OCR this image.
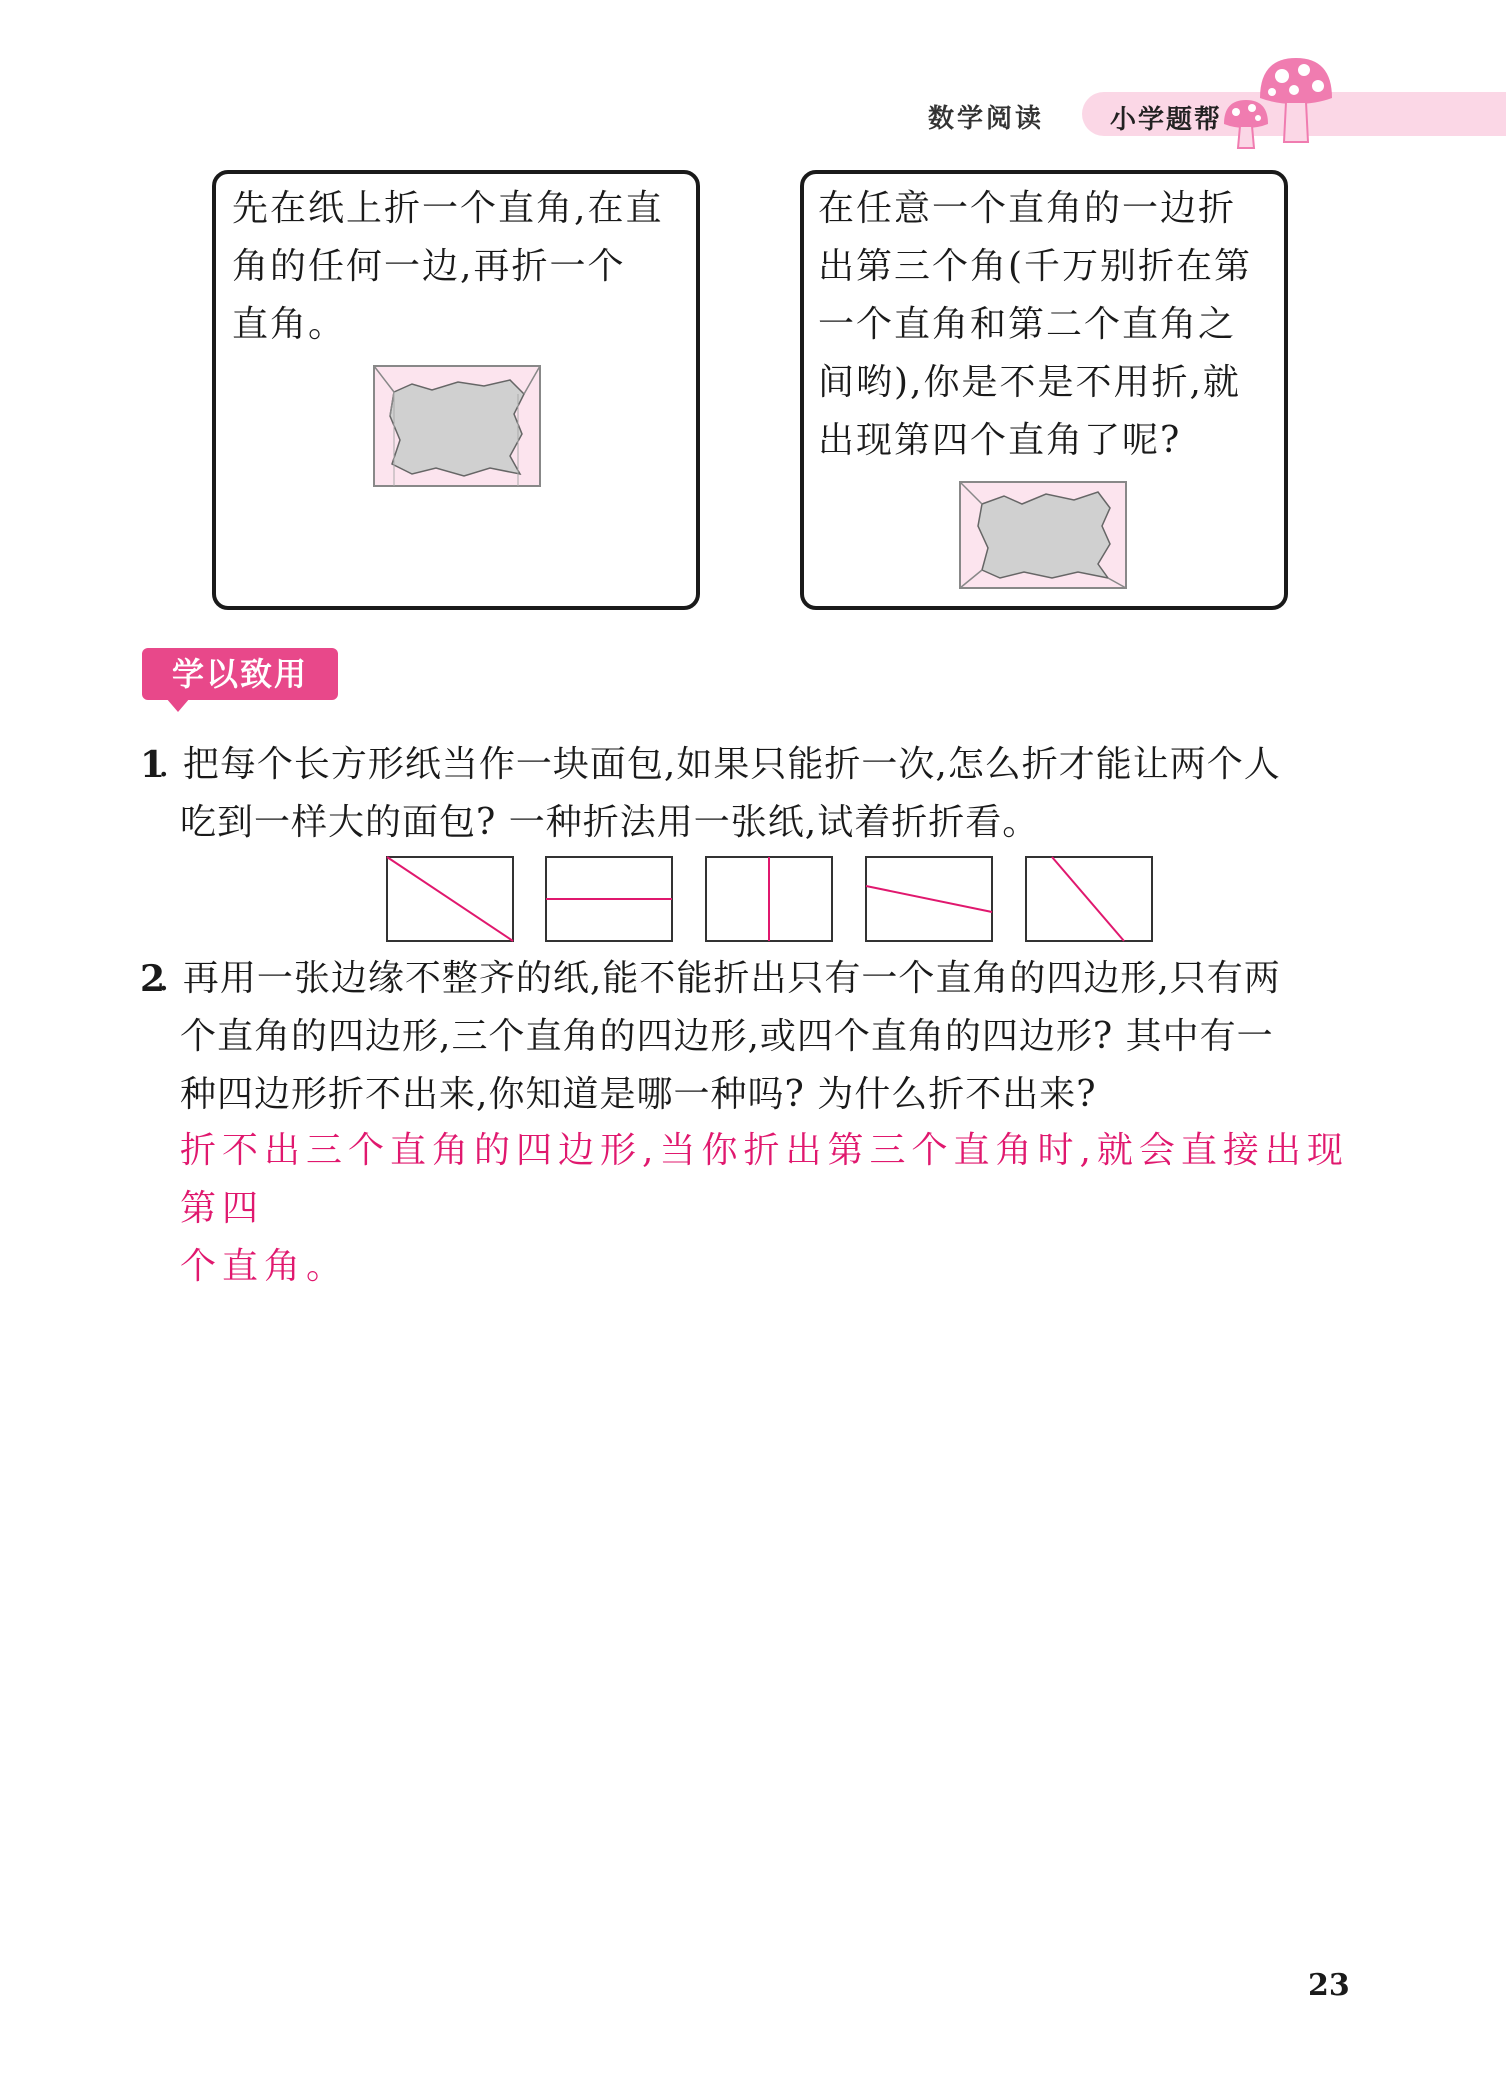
数学阅读	小学题帮
先在纸上折一个直角,在直
角的任何一边,再折一个
直角。
在任意一个直角的一边折
出第三个角(千万别折在第
一个直角和第二个直角之
间哟),你是不是不用折,就
出现第四个直角了呢?
学以致用
1
. 把每个长方形纸当作一块面包,如果只能折一次,怎么折才能让两个人
吃到一样大的面包? 一种折法用一张纸,试着折折看。
2
. 再用一张边缘不整齐的纸,能不能折出只有一个直角的四边形,只有两
个直角的四边形,三个直角的四边形,或四个直角的四边形? 其中有一
种四边形折不出来,你知道是哪一种吗? 为什么折不出来?
折不出三个直角的四边形,当你折出第三个直角时,就会直接出现第四
个直角。
23
